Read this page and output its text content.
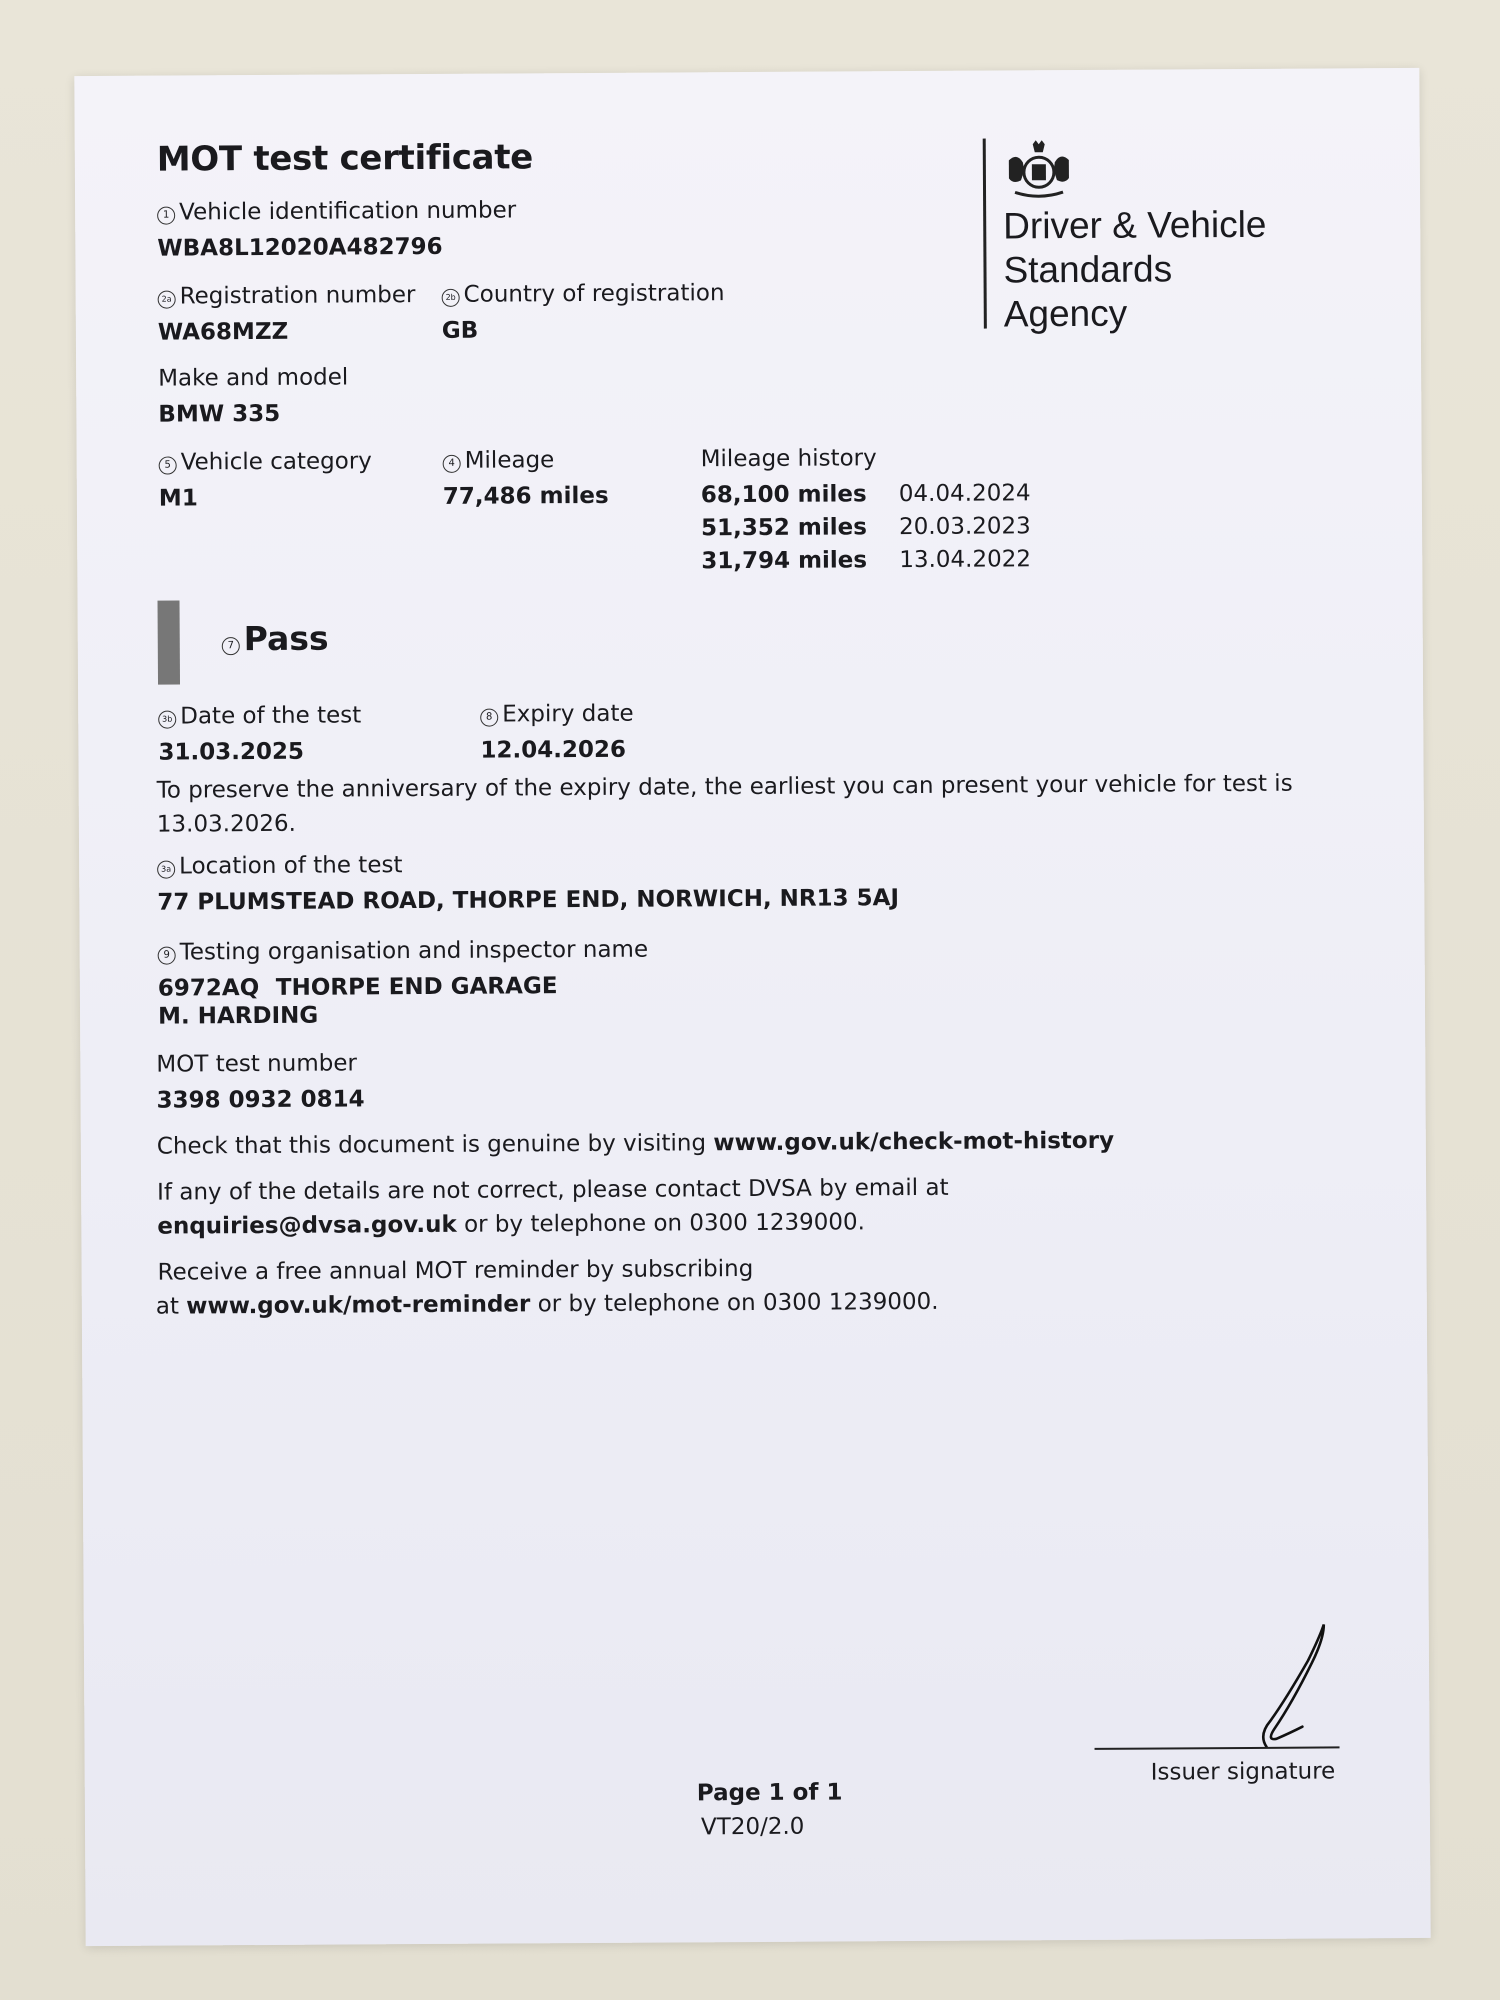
MOT test certificate
Driver & Vehicle
Standards
Agency
1 Vehicle identification number
WBA8L12020A482796
2a Registration number
WA68MZZ
2b Country of registration
GB
Make and model
BMW 335
5 Vehicle category
M1
4 Mileage
77,486 miles
Mileage history
68,100 miles 04.04.2024
51,352 miles 20.03.2023
31,794 miles 13.04.2022
7 Pass
3b Date of the test
31.03.2025
8 Expiry date
12.04.2026
To preserve the anniversary of the expiry date, the earliest you can present your vehicle for test is
13.03.2026.
3a Location of the test
77 PLUMSTEAD ROAD, THORPE END, NORWICH, NR13 5AJ
9 Testing organisation and inspector name
6972AQ THORPE END GARAGE
M. HARDING
MOT test number
3398 0932 0814
Check that this document is genuine by visiting www.gov.uk/check-mot-history
If any of the details are not correct, please contact DVSA by email at
enquiries@dvsa.gov.uk or by telephone on 0300 1239000.
Receive a free annual MOT reminder by subscribing
at www.gov.uk/mot-reminder or by telephone on 0300 1239000.
Issuer signature
Page 1 of 1
VT20/2.0
